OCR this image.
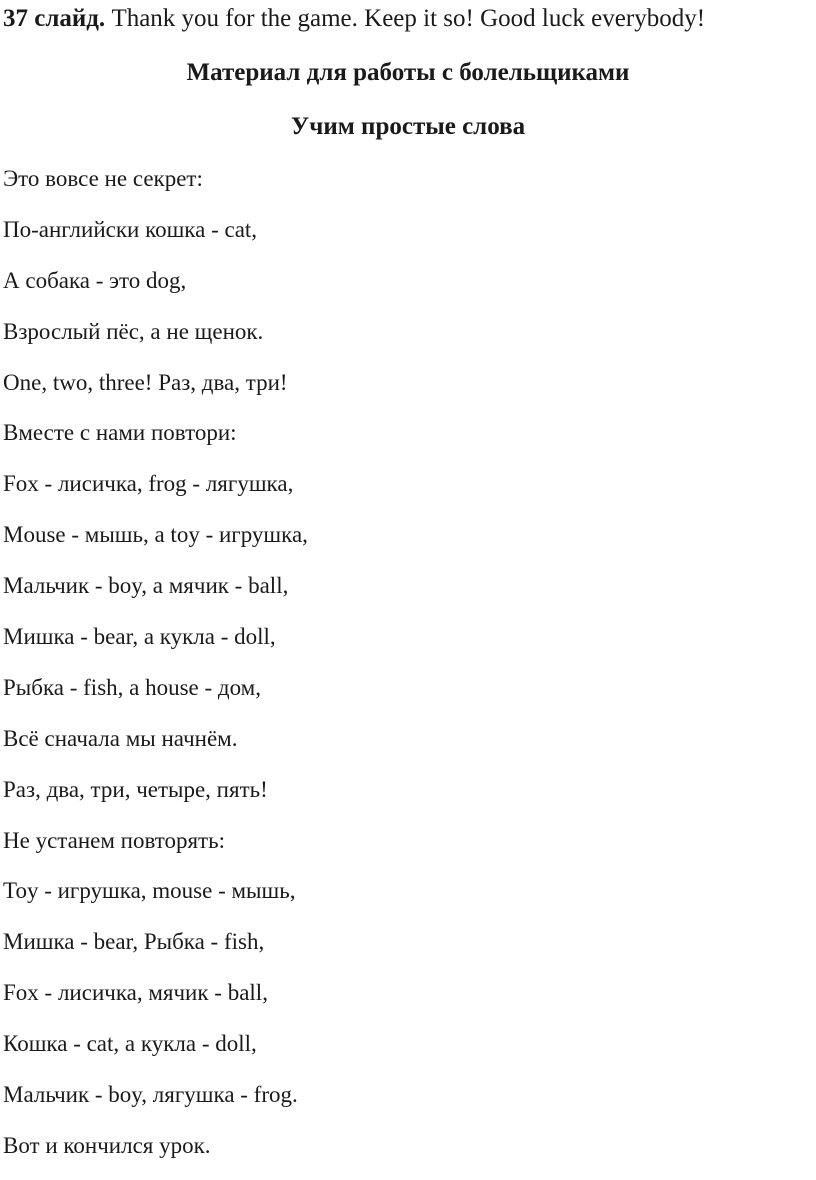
37 слайд. Thank you for the game. Keep it so! Good luck everybody!
Материал для работы с болельщиками
Учим простые слова
Это вовсе не секрет:
По-английски кошка - cat,
А собака - это dog,
Взрослый пёс, а не щенок.
One, two, three! Раз, два, три!
Вместе с нами повтори:
Fox - лисичка, frog - лягушка,
Mouse - мышь, а toy - игрушка,
Мальчик - boy, а мячик - ball,
Мишка - bear, а кукла - doll,
Рыбка - fish, а house - дом,
Всё сначала мы начнём.
Раз, два, три, четыре, пять!
Не устанем повторять:
Toy - игрушка, mouse - мышь,
Мишка - bear, Рыбка - fish,
Fox - лисичка, мячик - ball,
Кошка - cat, а кукла - doll,
Мальчик - boy, лягушка - frog.
Вот и кончился урок.
